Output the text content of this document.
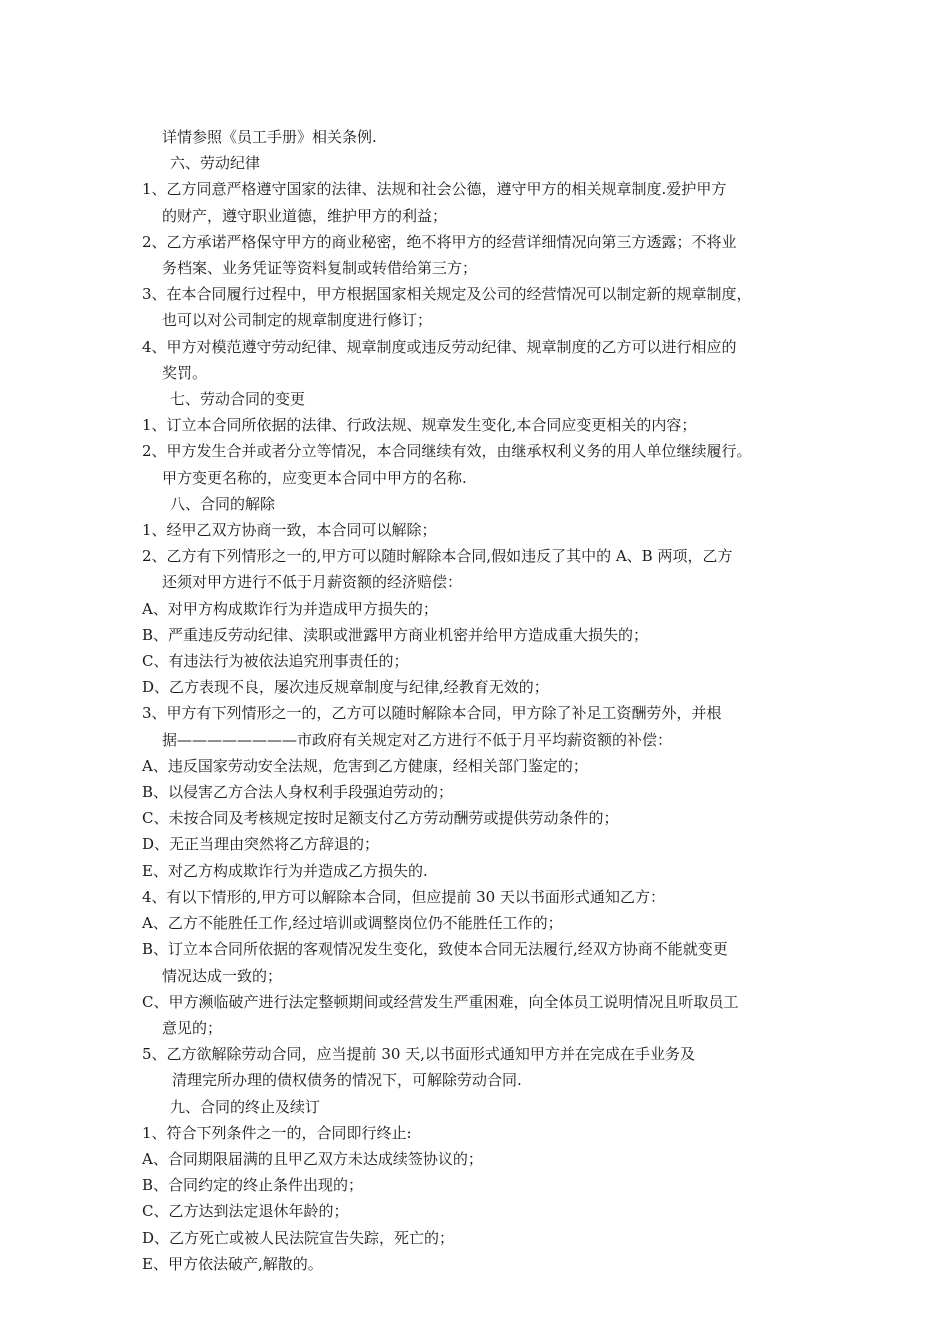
详情参照《员工手册》相关条例.
六、劳动纪律
1、乙方同意严格遵守国家的法律、法规和社会公德，遵守甲方的相关规章制度.爱护甲方
的财产，遵守职业道德，维护甲方的利益；
2、乙方承诺严格保守甲方的商业秘密，绝不将甲方的经营详细情况向第三方透露；不将业
务档案、业务凭证等资料复制或转借给第三方；
3、在本合同履行过程中，甲方根据国家相关规定及公司的经营情况可以制定新的规章制度，
也可以对公司制定的规章制度进行修订；
4、甲方对模范遵守劳动纪律、规章制度或违反劳动纪律、规章制度的乙方可以进行相应的
奖罚。
七、劳动合同的变更
1、订立本合同所依据的法律、行政法规、规章发生变化,本合同应变更相关的内容；
2、甲方发生合并或者分立等情况，本合同继续有效，由继承权利义务的用人单位继续履行。
甲方变更名称的，应变更本合同中甲方的名称.
八、合同的解除
1、经甲乙双方协商一致，本合同可以解除；
2、乙方有下列情形之一的,甲方可以随时解除本合同,假如违反了其中的 A、B 两项，乙方
还须对甲方进行不低于月薪资额的经济赔偿：
A、对甲方构成欺诈行为并造成甲方损失的；
B、严重违反劳动纪律、渎职或泄露甲方商业机密并给甲方造成重大损失的；
C、有违法行为被依法追究刑事责任的；
D、乙方表现不良，屡次违反规章制度与纪律,经教育无效的；
3、甲方有下列情形之一的，乙方可以随时解除本合同，甲方除了补足工资酬劳外，并根
据————————市政府有关规定对乙方进行不低于月平均薪资额的补偿：
A、违反国家劳动安全法规，危害到乙方健康，经相关部门鉴定的；
B、以侵害乙方合法人身权利手段强迫劳动的；
C、未按合同及考核规定按时足额支付乙方劳动酬劳或提供劳动条件的；
D、无正当理由突然将乙方辞退的；
E、对乙方构成欺诈行为并造成乙方损失的.
4、有以下情形的,甲方可以解除本合同，但应提前 30 天以书面形式通知乙方：
A、乙方不能胜任工作,经过培训或调整岗位仍不能胜任工作的；
B、订立本合同所依据的客观情况发生变化，致使本合同无法履行,经双方协商不能就变更
情况达成一致的；
C、甲方濒临破产进行法定整顿期间或经营发生严重困难，向全体员工说明情况且听取员工
意见的；
5、乙方欲解除劳动合同，应当提前 30 天,以书面形式通知甲方并在完成在手业务及
清理完所办理的债权债务的情况下，可解除劳动合同.
九、合同的终止及续订
1、符合下列条件之一的，合同即行终止:
A、合同期限届满的且甲乙双方未达成续签协议的；
B、合同约定的终止条件出现的；
C、乙方达到法定退休年龄的；
D、乙方死亡或被人民法院宣告失踪，死亡的；
E、甲方依法破产,解散的。
